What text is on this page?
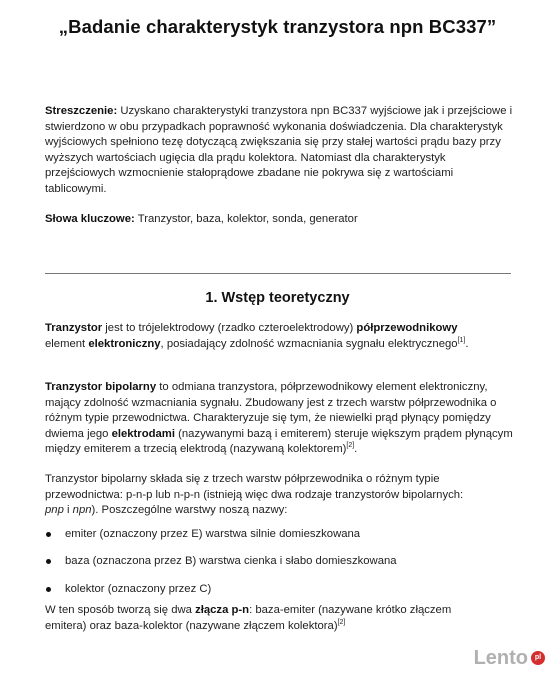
„Badanie charakterystyk tranzystora npn BC337”
Streszczenie: Uzyskano charakterystyki tranzystora npn BC337 wyjściowe jak i przejściowe i stwierdzono w obu przypadkach poprawność wykonania doświadczenia. Dla charakterystyk wyjściowych spełniono tezę dotyczącą zwiększania się przy stałej wartości prądu bazy przy wyższych wartościach ugięcia dla prądu kolektora. Natomiast dla charakterystyk przejściowych wzmocnienie stałoprądowe zbadane nie pokrywa się z wartościami tablicowymi.
Słowa kluczowe: Tranzystor, baza, kolektor, sonda, generator
1. Wstęp teoretyczny
Tranzystor jest to trójelektrodowy (rzadko czteroelektrodowy) półprzewodnikowy element elektroniczny, posiadający zdolność wzmacniania sygnału elektrycznego[1].
Tranzystor bipolarny to odmiana tranzystora, półprzewodnikowy element elektroniczny, mający zdolność wzmacniania sygnału. Zbudowany jest z trzech warstw półprzewodnika o różnym typie przewodnictwa. Charakteryzuje się tym, że niewielki prąd płynący pomiędzy dwiema jego elektrodami (nazywanymi bazą i emiterem) steruje większym prądem płynącym między emiterem a trzecią elektrodą (nazywaną kolektorem)[2].
Tranzystor bipolarny składa się z trzech warstw półprzewodnika o różnym typie przewodnictwa: p-n-p lub n-p-n (istnieją więc dwa rodzaje tranzystorów bipolarnych: pnp i npn). Poszczególne warstwy noszą nazwy:
emiter (oznaczony przez E) warstwa silnie domieszkowana
baza (oznaczona przez B) warstwa cienka i słabo domieszkowana
kolektor (oznaczony przez C)
W ten sposób tworzą się dwa złącza p-n: baza-emiter (nazywane krótko złączem emitera) oraz baza-kolektor (nazywane złączem kolektora)[2]
Lento pl
